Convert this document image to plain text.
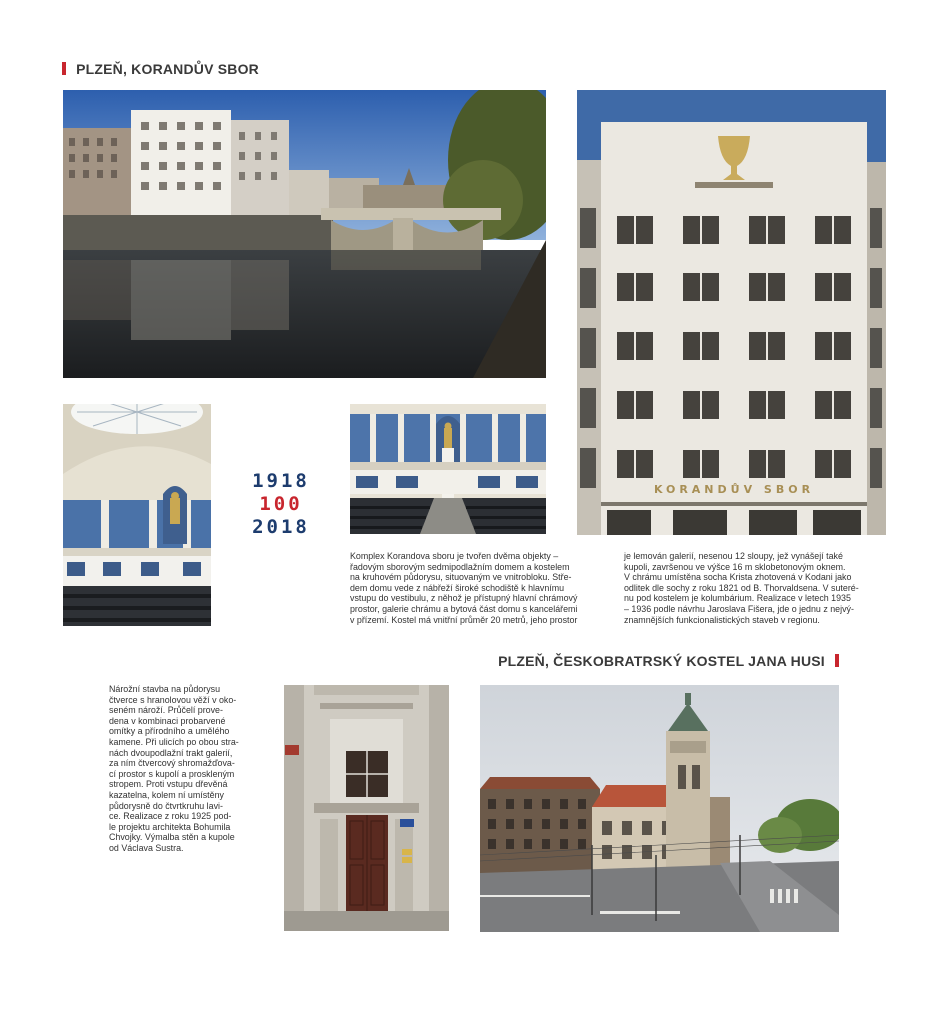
PLZEŇ, KORANDŮV SBOR
KORANDŮV SBOR
1918
100
2018

Komplex Korandova sboru je tvořen dvěma objekty –

řadovým sborovým sedmipodlažním domem a kostelem

na kruhovém půdorysu, situovaným ve vnitrobloku. Stře-

dem domu vede z nábřeží široké schodiště k hlavnímu

vstupu do vestibulu, z něhož je přístupný hlavní chrámový

prostor, galerie chrámu a bytová část domu s kancelářemi

v přízemí. Kostel má vnitřní průměr 20 metrů, jeho prostor

je lemován galerií, nesenou 12 sloupy, jež vynášejí také

kupoli, završenou ve výšce 16 m sklobetonovým oknem.

V chrámu umístěna socha Krista zhotovená v Kodani jako

odlitek dle sochy z roku 1821 od B. Thorvaldsena. V suteré-

nu pod kostelem je kolumbárium. Realizace v letech 1935

– 1936 podle návrhu Jaroslava Fišera, jde o jednu z nejvý-

znamnějších funkcionalistických staveb v regionu.

PLZEŇ, ČESKOBRATRSKÝ KOSTEL JANA HUSI

Nárožní stavba na půdorysu

čtverce s hranolovou věží v oko-

seném nároží. Průčelí prove-

dena v kombinaci probarvené

omítky a přírodního a umělého

kamene. Při ulicích po obou stra-

nách dvoupodlažní trakt galerií,

za ním čtvercový shromažďova-

cí prostor s kupolí a proskleným

stropem. Proti vstupu dřevěná

kazatelna, kolem ní umístěny

půdorysně do čtvrtkruhu lavi-

ce. Realizace z roku 1925 pod-

le projektu architekta Bohumila

Chvojky. Výmalba stěn a kupole

od Václava Sustra.
